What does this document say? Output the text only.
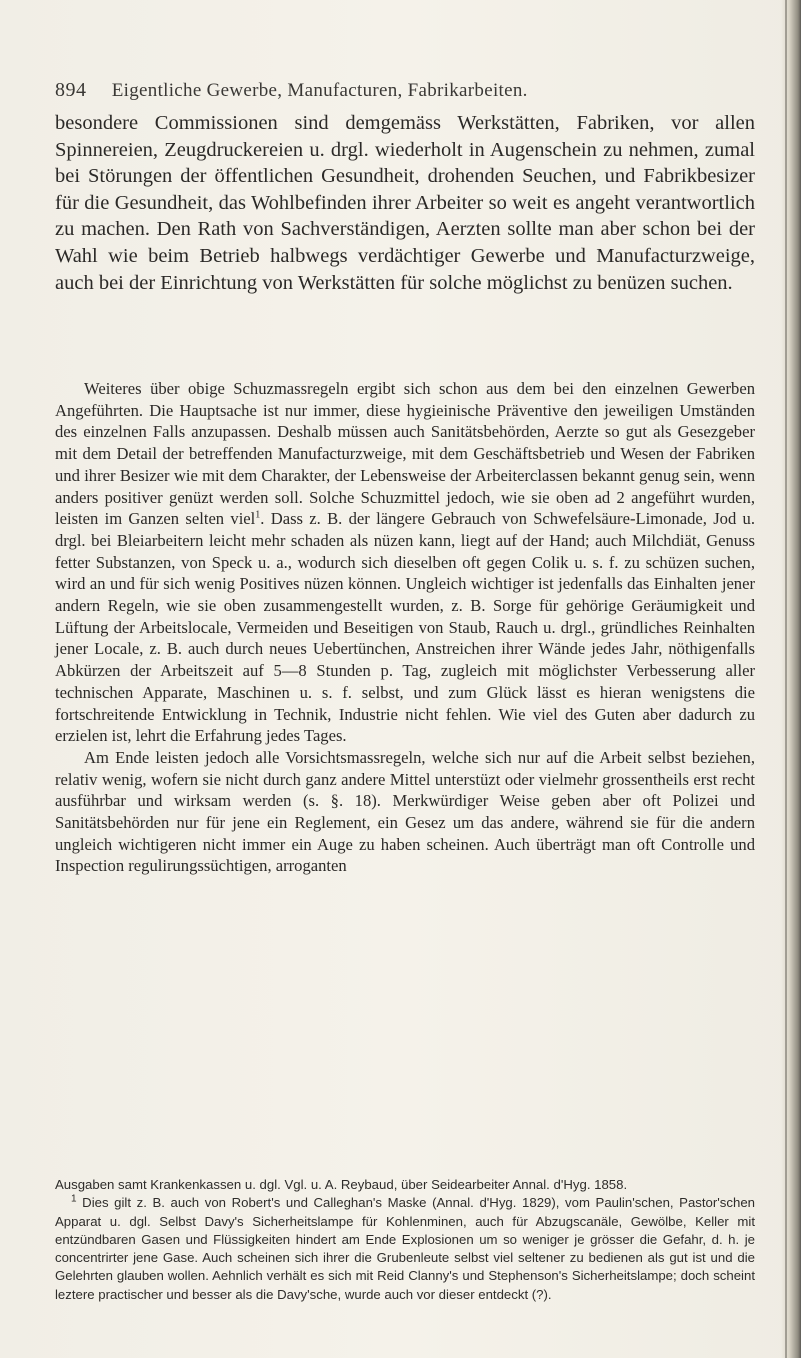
894 Eigentliche Gewerbe, Manufacturen, Fabrikarbeiten.
besondere Commissionen sind demgemäss Werkstätten, Fabriken, vor allen Spinnereien, Zeugdruckereien u. drgl. wiederholt in Augenschein zu nehmen, zumal bei Störungen der öffentlichen Gesundheit, drohenden Seuchen, und Fabrikbesizer für die Gesundheit, das Wohlbefinden ihrer Arbeiter so weit es angeht verantwortlich zu machen. Den Rath von Sachverständigen, Aerzten sollte man aber schon bei der Wahl wie beim Betrieb halbwegs verdächtiger Gewerbe und Manufacturzweige, auch bei der Einrichtung von Werkstätten für solche möglichst zu benüzen suchen.

Weiteres über obige Schuzmassregeln ergibt sich schon aus dem bei den einzelnen Gewerben Angeführten. Die Hauptsache ist nur immer, diese hygieinische Präventive den jeweiligen Umständen des einzelnen Falls anzupassen. Deshalb müssen auch Sanitätsbehörden, Aerzte so gut als Gesezgeber mit dem Detail der betreffenden Manufacturzweige, mit dem Geschäftsbetrieb und Wesen der Fabriken und ihrer Besizer wie mit dem Charakter, der Lebensweise der Arbeiterclassen bekannt genug sein, wenn anders positiver genüzt werden soll. Solche Schuzmittel jedoch, wie sie oben ad 2 angeführt wurden, leisten im Ganzen selten viel$^1$. Dass z. B. der längere Gebrauch von Schwefelsäure-Limonade, Jod u. drgl. bei Bleiarbeitern leicht mehr schaden als nüzen kann, liegt auf der Hand; auch Milchdiät, Genuss fetter Substanzen, von Speck u. a., wodurch sich dieselben oft gegen Colik u. s. f. zu schüzen suchen, wird an und für sich wenig Positives nüzen können. Ungleich wichtiger ist jedenfalls das Einhalten jener andern Regeln, wie sie oben zusammengestellt wurden, z. B. Sorge für gehörige Geräumigkeit und Lüftung der Arbeitslocale, Vermeiden und Beseitigen von Staub, Rauch u. drgl., gründliches Reinhalten jener Locale, z. B. auch durch neues Uebertünchen, Anstreichen ihrer Wände jedes Jahr, nöthigenfalls Abkürzen der Arbeitszeit auf 5—8 Stunden p. Tag, zugleich mit möglichster Verbesserung aller technischen Apparate, Maschinen u. s. f. selbst, und zum Glück lässt es hieran wenigstens die fortschreitende Entwicklung in Technik, Industrie nicht fehlen. Wie viel des Guten aber dadurch zu erzielen ist, lehrt die Erfahrung jedes Tages.

Am Ende leisten jedoch alle Vorsichtsmassregeln, welche sich nur auf die Arbeit selbst beziehen, relativ wenig, wofern sie nicht durch ganz andere Mittel unterstüzt oder vielmehr grossentheils erst recht ausführbar und wirksam werden (s. §. 18). Merkwürdiger Weise geben aber oft Polizei und Sanitätsbehörden nur für jene ein Reglement, ein Gesez um das andere, während sie für die andern ungleich wichtigeren nicht immer ein Auge zu haben scheinen. Auch überträgt man oft Controlle und Inspection regulirungssüchtigen, arroganten

Ausgaben samt Krankenkassen u. dgl. Vgl. u. A. Reybaud, über Seidearbeiter Annal. d'Hyg. 1858.

$^1$ Dies gilt z. B. auch von Robert's und Calleghan's Maske (Annal. d'Hyg. 1829), vom Paulin'schen, Pastor'schen Apparat u. dgl. Selbst Davy's Sicherheitslampe für Kohlenminen, auch für Abzugscanäle, Gewölbe, Keller mit entzündbaren Gasen und Flüssigkeiten hindert am Ende Explosionen um so weniger je grösser die Gefahr, d. h. je concentrirter jene Gase. Auch scheinen sich ihrer die Grubenleute selbst viel seltener zu bedienen als gut ist und die Gelehrten glauben wollen. Aehnlich verhält es sich mit Reid Clanny's und Stephenson's Sicherheitslampe; doch scheint leztere practischer und besser als die Davy'sche, wurde auch vor dieser entdeckt (?).
